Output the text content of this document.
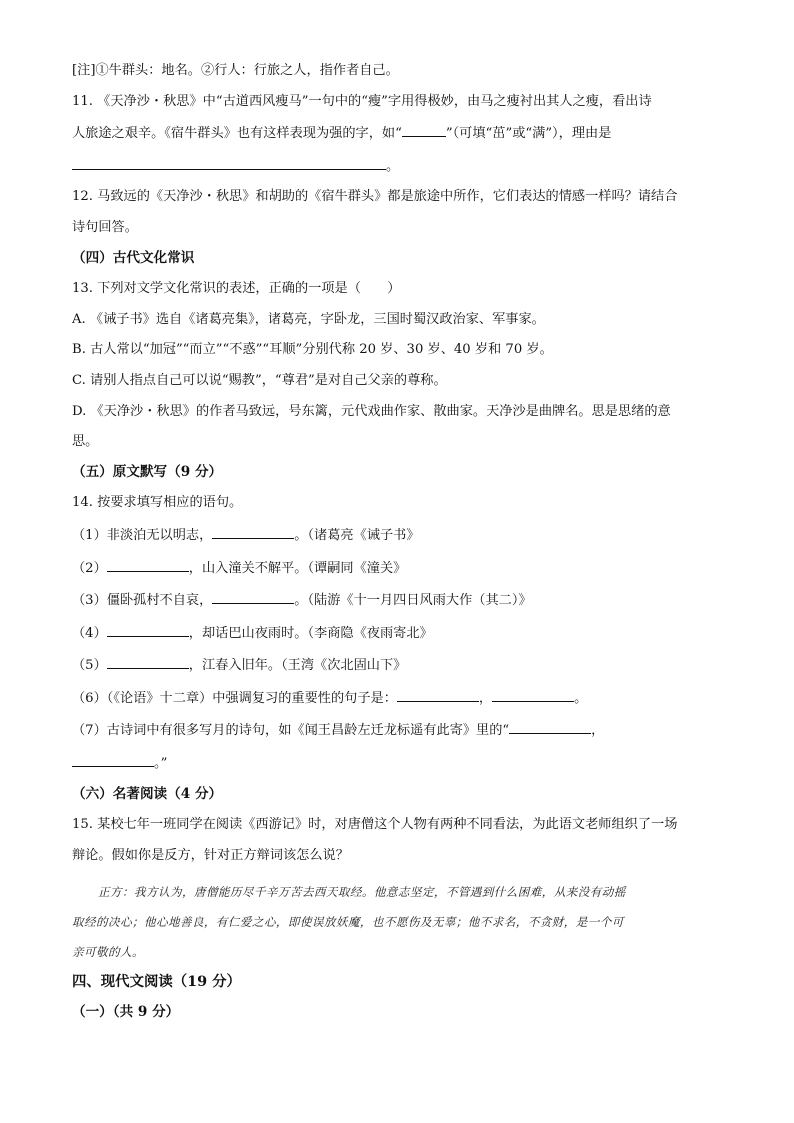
[注]①牛群头：地名。②行人：行旅之人，指作者自己。

11. 《天净沙・秋思》中“古道西风瘦马”一句中的“瘦”字用得极妙，由马之瘦衬出其人之瘦，看出诗

人旅途之艰辛。《宿牛群头》也有这样表现为强的字，如“	”（可填“茁”或“满”），理由是

。

12. 马致远的《天净沙・秋思》和胡助的《宿牛群头》都是旅途中所作，它们表达的情感一样吗？请结合

诗句回答。

（四）古代文化常识

13. 下列对文学文化常识的表述，正确的一项是（　　）

A. 《诫子书》选自《诸葛亮集》，诸葛亮，字卧龙，三国时蜀汉政治家、军事家。

B. 古人常以“加冠”“而立”“不惑”“耳顺”分别代称 20 岁、30 岁、40 岁和 70 岁。

C. 请别人指点自己可以说“赐教”，“尊君”是对自己父亲的尊称。

D. 《天净沙・秋思》的作者马致远，号东篱，元代戏曲作家、散曲家。天净沙是曲牌名。思是思绪的意

思。

（五）原文默写（9 分）

14. 按要求填写相应的语句。

（1）非淡泊无以明志，	。（诸葛亮《诫子书》

（2）	，山入潼关不解平。（谭嗣同《潼关》

（3）僵卧孤村不自哀，	。（陆游《十一月四日风雨大作（其二）》

（4）	，却话巴山夜雨时。（李商隐《夜雨寄北》

（5）	，江春入旧年。（王湾《次北固山下》

（6）（《论语》十二章）中强调复习的重要性的句子是：	，	。

（7）古诗词中有很多写月的诗句，如《闻王昌龄左迁龙标遥有此寄》里的“	，

。”

（六）名著阅读（4 分）

15. 某校七年一班同学在阅读《西游记》时，对唐僧这个人物有两种不同看法，为此语文老师组织了一场

辩论。假如你是反方，针对正方辩词该怎么说？

正方：我方认为，唐僧能历尽千辛万苦去西天取经。他意志坚定，不管遇到什么困难，从来没有动摇
取经的决心；他心地善良，有仁爱之心，即使误放妖魔，也不愿伤及无辜；他不求名，不贪财，是一个可
亲可敬的人。

四、现代文阅读（19 分）

（一）（共 9 分）
